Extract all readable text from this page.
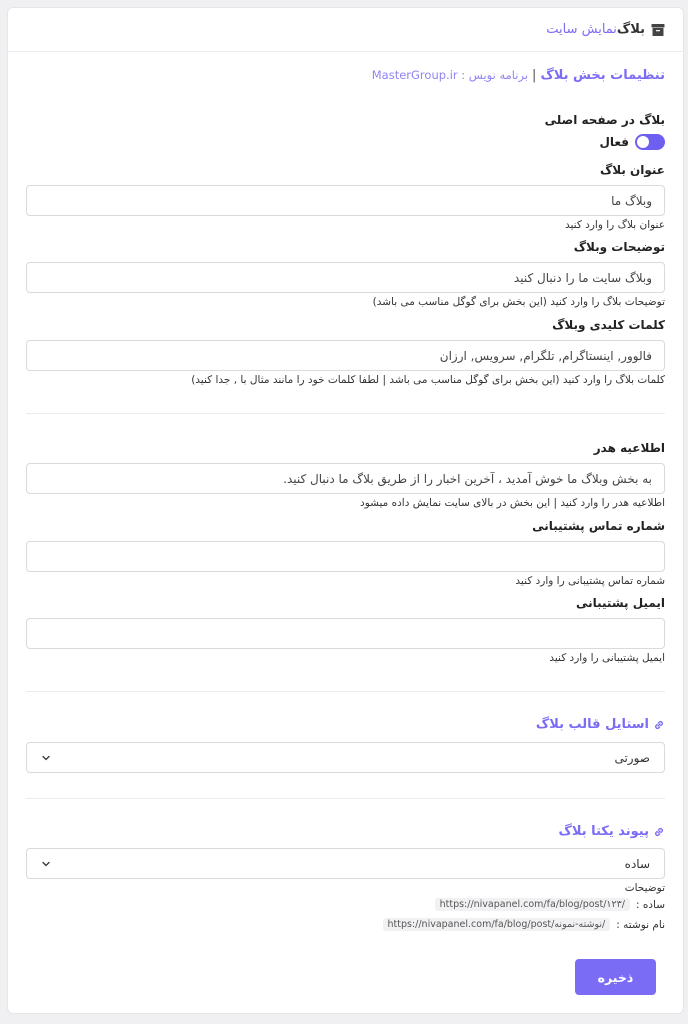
بلاگ
نمایش سایت
تنظیمات بخش بلاگ|برنامه نویس : MasterGroup.ir
بلاگ در صفحه اصلی
فعال
عنوان بلاگ
وبلاگ ما
عنوان بلاگ را وارد کنید
توضیحات وبلاگ
وبلاگ سایت ما را دنبال کنید
توضیحات بلاگ را وارد کنید (این بخش برای گوگل مناسب می باشد)
کلمات کلیدی وبلاگ
فالوور, اینستاگرام, تلگرام, سرویس, ارزان
کلمات بلاگ را وارد کنید (این بخش برای گوگل مناسب می باشد | لطفا کلمات خود را مانند مثال با , جدا کنید)
اطلاعیه هدر
به بخش وبلاگ ما خوش آمدید ، آخرین اخبار را از طریق بلاگ ما دنبال کنید.
اطلاعیه هدر را وارد کنید | این بخش در بالای سایت نمایش داده میشود
شماره تماس پشتیبانی
شماره تماس پشتیبانی را وارد کنید
ایمیل پشتیبانی
ایمیل پشتیبانی را وارد کنید
استایل قالب بلاگ
صورتی
پیوند یکتا بلاگ
ساده
توضیحات
ساده :
https://nivapanel.com/fa/blog/post/۱۲۳/
نام نوشته :
https://nivapanel.com/fa/blog/post/نوشته-نمونه/
ذخیره
